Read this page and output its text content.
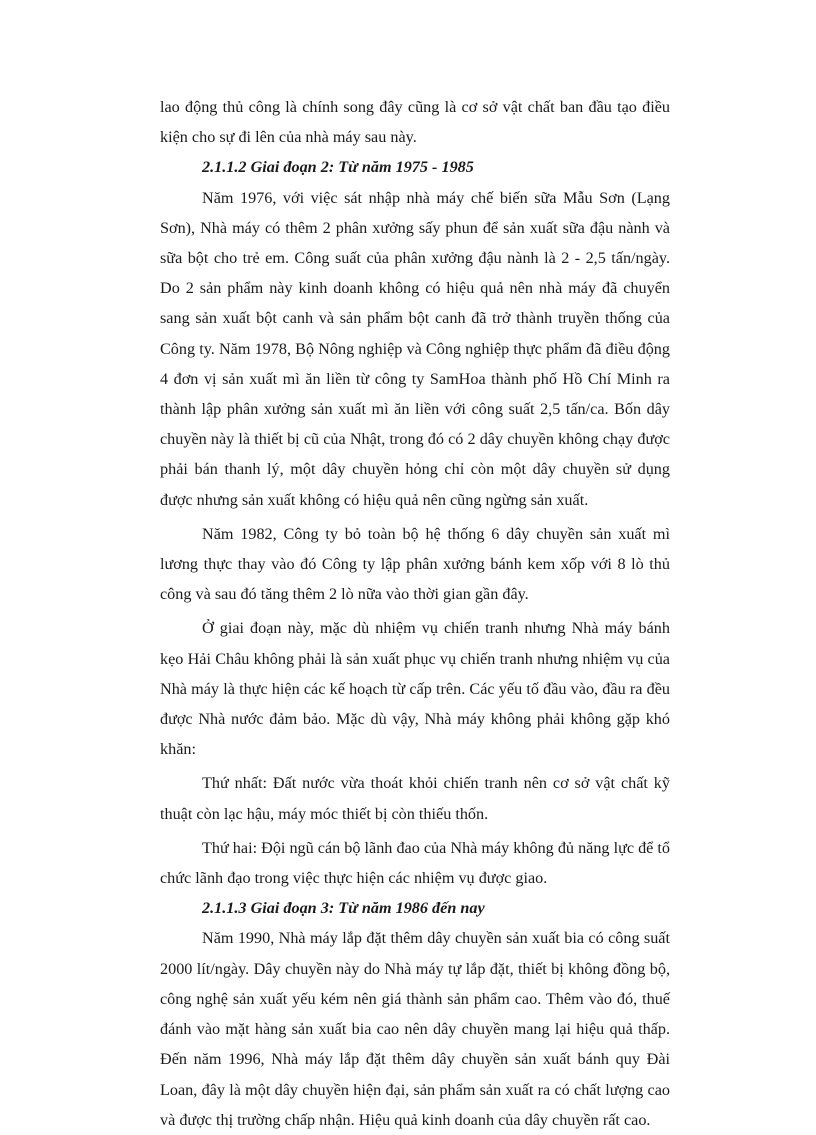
lao động thủ công là chính song đây cũng là cơ sở vật chất ban đầu tạo điều kiện cho sự đi lên của nhà máy sau này.

2.1.1.2 Giai đoạn 2: Từ năm 1975 - 1985

Năm 1976, với việc sát nhập nhà máy chế biến sữa Mẫu Sơn (Lạng Sơn), Nhà máy có thêm 2 phân xưởng sấy phun để sản xuất sữa đậu nành và sữa bột cho trẻ em. Công suất của phân xưởng đậu nành là 2 - 2,5 tấn/ngày. Do 2 sản phẩm này kinh doanh không có hiệu quả nên nhà máy đã chuyển sang sản xuất bột canh và sản phẩm bột canh đã trở thành truyền thống của Công ty. Năm 1978, Bộ Nông nghiệp và Công nghiệp thực phẩm đã điều động 4 đơn vị sản xuất mì ăn liền từ công ty SamHoa thành phố Hồ Chí Minh ra thành lập phân xưởng sản xuất mì ăn liền với công suất 2,5 tấn/ca. Bốn dây chuyền này là thiết bị cũ của Nhật, trong đó có 2 dây chuyền không chạy được phải bán thanh lý, một dây chuyền hỏng chỉ còn một dây chuyền sử dụng được nhưng sản xuất không có hiệu quả nên cũng ngừng sản xuất.

Năm 1982, Công ty bỏ toàn bộ hệ thống 6 dây chuyền sản xuất mì lương thực thay vào đó Công ty lập phân xưởng bánh kem xốp với 8 lò thủ công và sau đó tăng thêm 2 lò nữa vào thời gian gần đây.

Ở giai đoạn này, mặc dù nhiệm vụ chiến tranh nhưng Nhà máy bánh kẹo Hải Châu không phải là sản xuất phục vụ chiến tranh nhưng nhiệm vụ của Nhà máy là thực hiện các kế hoạch từ cấp trên. Các yếu tố đầu vào, đầu ra đều được Nhà nước đảm bảo. Mặc dù vậy, Nhà máy không phải không gặp khó khăn:

Thứ nhất: Đất nước vừa thoát khỏi chiến tranh nên cơ sở vật chất kỹ thuật còn lạc hậu, máy móc thiết bị còn thiếu thốn.

Thứ hai: Đội ngũ cán bộ lãnh đao của Nhà máy không đủ năng lực để tổ chức lãnh đạo trong việc thực hiện các nhiệm vụ được giao.

2.1.1.3 Giai đoạn 3: Từ năm 1986 đến nay

Năm 1990, Nhà máy lắp đặt thêm dây chuyền sản xuất bia có công suất 2000 lít/ngày. Dây chuyền này do Nhà máy tự lắp đặt, thiết bị không đồng bộ, công nghệ sản xuất yếu kém nên giá thành sản phẩm cao. Thêm vào đó, thuế đánh vào mặt hàng sản xuất bia cao nên dây chuyền mang lại hiệu quả thấp. Đến năm 1996, Nhà máy lắp đặt thêm dây chuyền sản xuất bánh quy Đài Loan, đây là một dây chuyền hiện đại, sản phẩm sản xuất ra có chất lượng cao và được thị trường chấp nhận. Hiệu quả kinh doanh của dây chuyền rất cao.
